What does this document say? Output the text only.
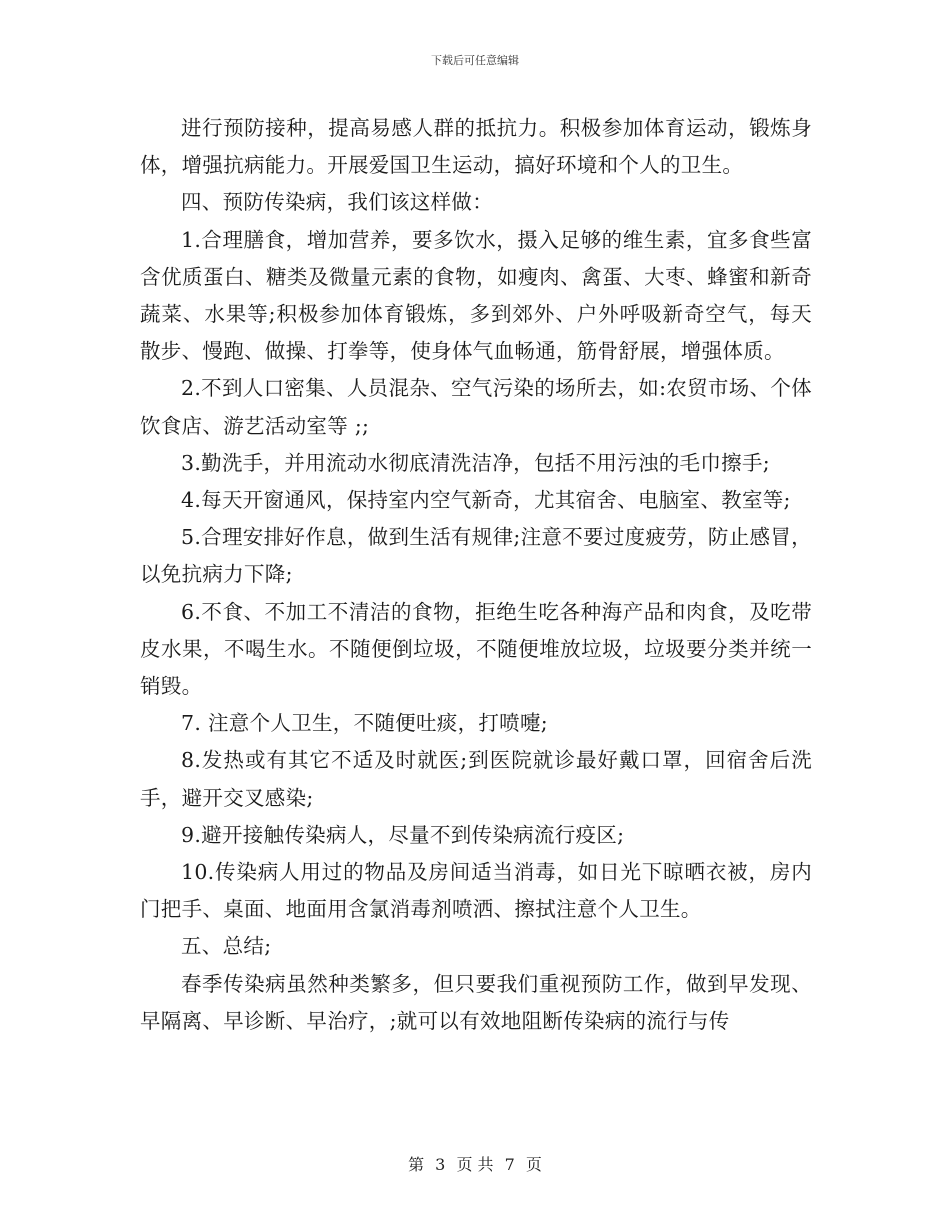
下载后可任意编辑

进行预防接种，提高易感人群的抵抗力。积极参加体育运动，锻炼身体，增强抗病能力。开展爱国卫生运动，搞好环境和个人的卫生。

四、预防传染病，我们该这样做：

1.合理膳食，增加营养，要多饮水，摄入足够的维生素，宜多食些富含优质蛋白、糖类及微量元素的食物，如瘦肉、禽蛋、大枣、蜂蜜和新奇蔬菜、水果等;积极参加体育锻炼，多到郊外、户外呼吸新奇空气，每天散步、慢跑、做操、打拳等，使身体气血畅通，筋骨舒展，增强体质。

2.不到人口密集、人员混杂、空气污染的场所去，如:农贸市场、个体饮食店、游艺活动室等 ;;

3.勤洗手，并用流动水彻底清洗洁净，包括不用污浊的毛巾擦手;

4.每天开窗通风，保持室内空气新奇，尤其宿舍、电脑室、教室等;

5.合理安排好作息，做到生活有规律;注意不要过度疲劳，防止感冒，以免抗病力下降;

6.不食、不加工不清洁的食物，拒绝生吃各种海产品和肉食，及吃带皮水果，不喝生水。不随便倒垃圾，不随便堆放垃圾，垃圾要分类并统一销毁。

7. 注意个人卫生，不随便吐痰，打喷嚏;

8.发热或有其它不适及时就医;到医院就诊最好戴口罩，回宿舍后洗手，避开交叉感染;

9.避开接触传染病人，尽量不到传染病流行疫区;

10.传染病人用过的物品及房间适当消毒，如日光下晾晒衣被，房内门把手、桌面、地面用含氯消毒剂喷洒、擦拭注意个人卫生。

五、总结;

春季传染病虽然种类繁多，但只要我们重视预防工作，做到早发现、早隔离、早诊断、早治疗，;就可以有效地阻断传染病的流行与传

第 3 页 共 7 页
